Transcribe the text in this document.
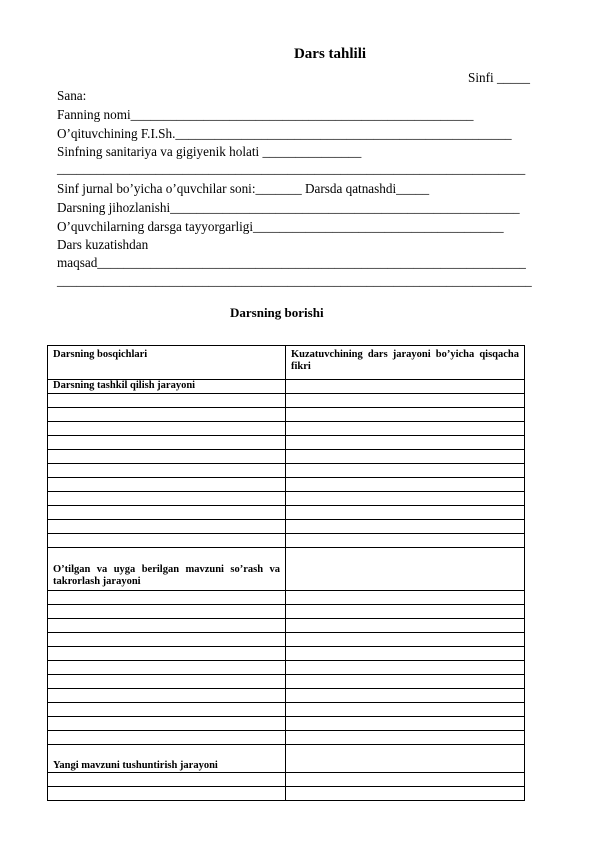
Dars tahlili
Sinfi _____
Sana:
Fanning nomi____________________________________________________
O’qituvchining F.I.Sh.___________________________________________________
Sinfning sanitariya va gigiyenik holati _______________
_______________________________________________________________________
Sinf jurnal bo’yicha o’quvchilar soni:_______ Darsda qatnashdi_____
Darsning jihozlanishi_____________________________________________________
O’quvchilarning darsga tayyorgarligi______________________________________
Dars kuzatishdan
maqsad_________________________________________________________________
________________________________________________________________________
Darsning borishi
Darsning bosqichlari	Kuzatuvchining dars jarayoni bo’yicha qisqacha fikri
Darsning tashkil qilish jarayoni	

O’tilgan va uyga berilgan mavzuni so’rash va takrorlash jarayoni	

Yangi mavzuni tushuntirish jarayoni	
